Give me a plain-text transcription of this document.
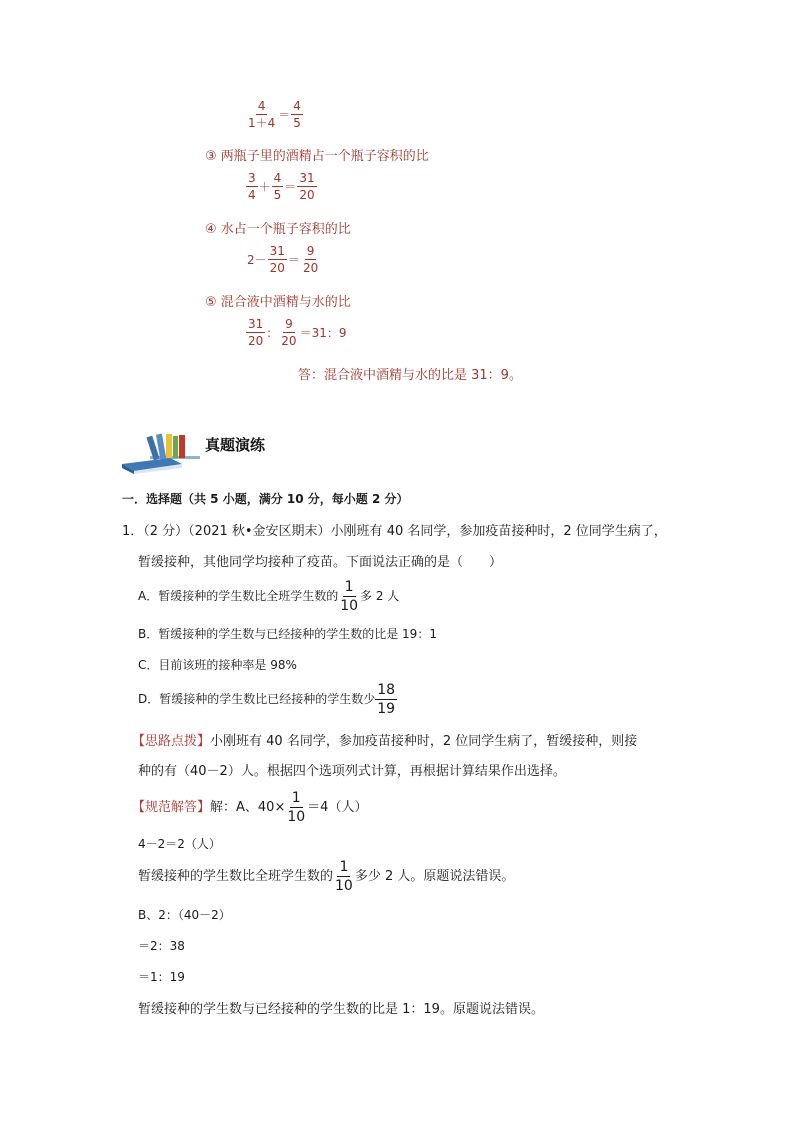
$\frac{4}{1+4} = \frac{4}{5}$
③ 两瓶子里的酒精占一个瓶子容积的比
$\frac{3}{4} + \frac{4}{5} = \frac{31}{20}$
④ 水占一个瓶子容积的比
$2- \frac{31}{20} = \frac{9}{20}$
⑤ 混合液中酒精与水的比
$\frac{31}{20}$ ： $\frac{9}{20} =31$：9
答：混合液中酒精与水的比是 31：9。
真题演练
一．选择题（共 5 小题，满分 10 分，每小题 2 分）
1．（2 分）（2021 秋•金安区期末）小刚班有 40 名同学，参加疫苗接种时，2 位同学生病了，
暂缓接种，其他同学均接种了疫苗。下面说法正确的是（　　）
A．暂缓接种的学生数比全班学生数的 $\frac{1}{10}$ 多 2 人
B．暂缓接种的学生数与已经接种的学生数的比是 19：1
C．目前该班的接种率是 98%
D．暂缓接种的学生数比已经接种的学生数少 $\frac{18}{19}$
【思路点拨】小刚班有 40 名同学，参加疫苗接种时，2 位同学生病了，暂缓接种，则接
种的有（40－2）人。根据四个选项列式计算，再根据计算结果作出选择。
【规范解答】解：A、$40\times \frac{1}{10} =4$（人）
4－2＝2（人）
暂缓接种的学生数比全班学生数的 $\frac{1}{10}$ 多少 2 人。原题说法错误。
B、2：（40－2）
＝2：38
＝1：19
暂缓接种的学生数与已经接种的学生数的比是 1：19。原题说法错误。
